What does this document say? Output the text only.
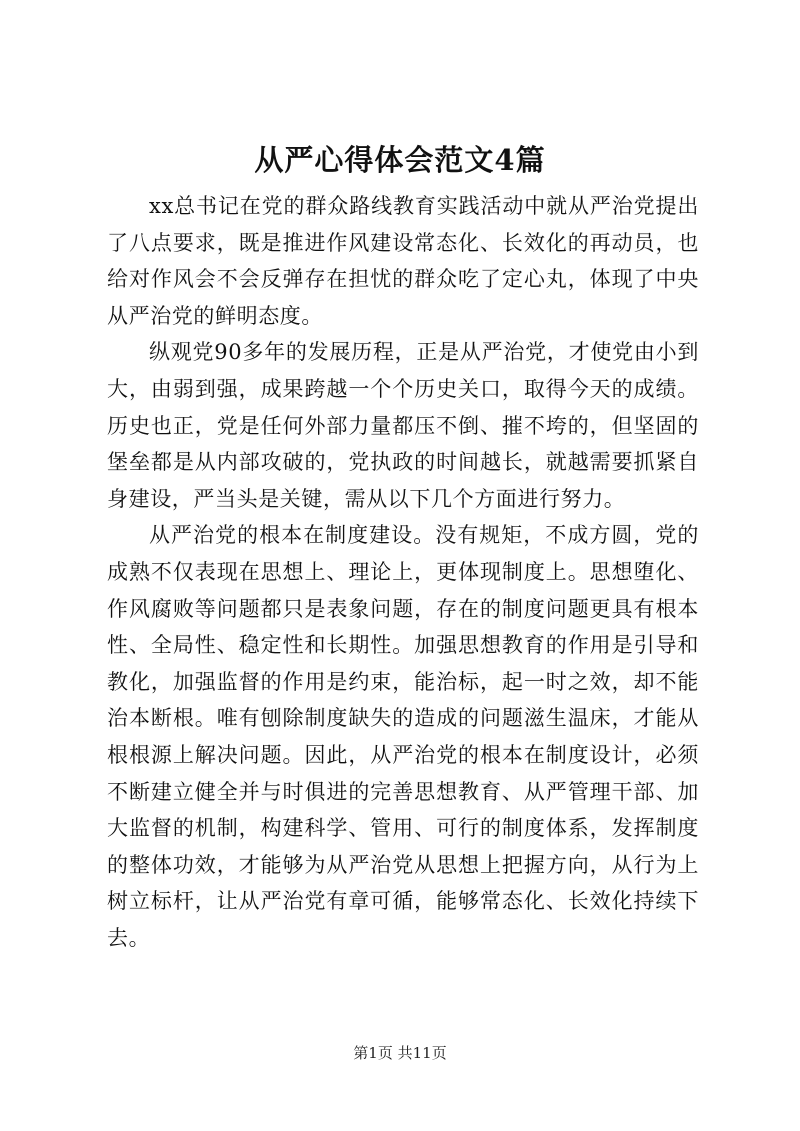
从严心得体会范文4篇

xx总书记在党的群众路线教育实践活动中就从严治党提出了八点要求，既是推进作风建设常态化、长效化的再动员，也给对作风会不会反弹存在担忧的群众吃了定心丸，体现了中央从严治党的鲜明态度。

纵观党90多年的发展历程，正是从严治党，才使党由小到大，由弱到强，成果跨越一个个历史关口，取得今天的成绩。历史也正，党是任何外部力量都压不倒、摧不垮的，但坚固的堡垒都是从内部攻破的，党执政的时间越长，就越需要抓紧自身建设，严当头是关键，需从以下几个方面进行努力。

从严治党的根本在制度建设。没有规矩，不成方圆，党的成熟不仅表现在思想上、理论上，更体现制度上。思想堕化、作风腐败等问题都只是表象问题，存在的制度问题更具有根本性、全局性、稳定性和长期性。加强思想教育的作用是引导和教化，加强监督的作用是约束，能治标，起一时之效，却不能治本断根。唯有刨除制度缺失的造成的问题滋生温床，才能从根根源上解决问题。因此，从严治党的根本在制度设计，必须不断建立健全并与时俱进的完善思想教育、从严管理干部、加大监督的机制，构建科学、管用、可行的制度体系，发挥制度的整体功效，才能够为从严治党从思想上把握方向，从行为上树立标杆，让从严治党有章可循，能够常态化、长效化持续下去。

第1页 共11页
